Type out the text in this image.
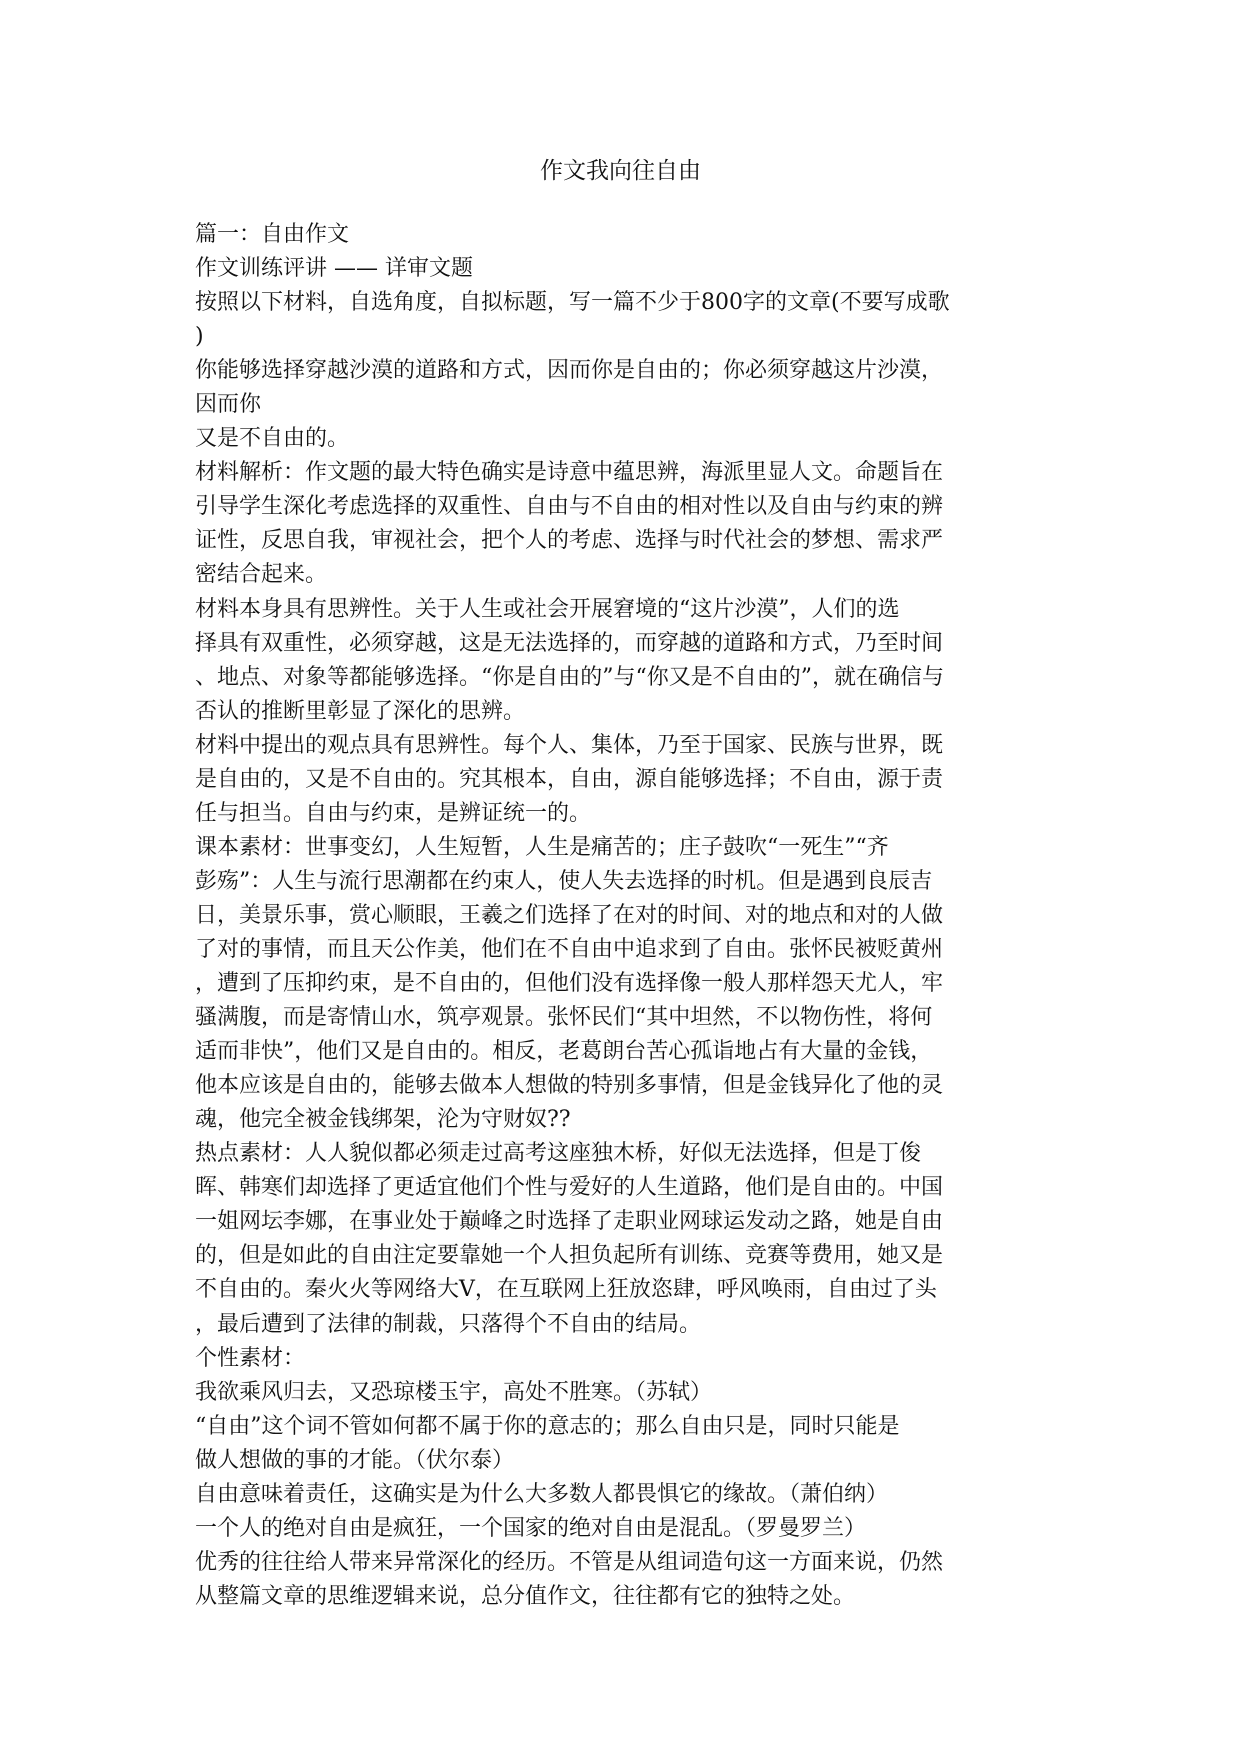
作文我向往自由
篇一：自由作文
作文训练评讲 —— 详审文题
按照以下材料，自选角度，自拟标题，写一篇不少于800字的文章(不要写成歌
)
你能够选择穿越沙漠的道路和方式，因而你是自由的；你必须穿越这片沙漠，
因而你
又是不自由的。
材料解析：作文题的最大特色确实是诗意中蕴思辨，海派里显人文。命题旨在
引导学生深化考虑选择的双重性、自由与不自由的相对性以及自由与约束的辨
证性，反思自我，审视社会，把个人的考虑、选择与时代社会的梦想、需求严
密结合起来。
材料本身具有思辨性。关于人生或社会开展窘境的“这片沙漠”，人们的选
择具有双重性，必须穿越，这是无法选择的，而穿越的道路和方式，乃至时间
、地点、对象等都能够选择。“你是自由的”与“你又是不自由的”，就在确信与
否认的推断里彰显了深化的思辨。
材料中提出的观点具有思辨性。每个人、集体，乃至于国家、民族与世界，既
是自由的，又是不自由的。究其根本，自由，源自能够选择；不自由，源于责
任与担当。自由与约束，是辨证统一的。
课本素材：世事变幻，人生短暂，人生是痛苦的；庄子鼓吹“一死生”“齐
彭殇”：人生与流行思潮都在约束人，使人失去选择的时机。但是遇到良辰吉
日，美景乐事，赏心顺眼，王羲之们选择了在对的时间、对的地点和对的人做
了对的事情，而且天公作美，他们在不自由中追求到了自由。张怀民被贬黄州
，遭到了压抑约束，是不自由的，但他们没有选择像一般人那样怨天尤人，牢
骚满腹，而是寄情山水，筑亭观景。张怀民们“其中坦然，不以物伤性，将何
适而非快”，他们又是自由的。相反，老葛朗台苦心孤诣地占有大量的金钱，
他本应该是自由的，能够去做本人想做的特别多事情，但是金钱异化了他的灵
魂，他完全被金钱绑架，沦为守财奴??
热点素材：人人貌似都必须走过高考这座独木桥，好似无法选择，但是丁俊
晖、韩寒们却选择了更适宜他们个性与爱好的人生道路，他们是自由的。中国
一姐网坛李娜，在事业处于巅峰之时选择了走职业网球运发动之路，她是自由
的，但是如此的自由注定要靠她一个人担负起所有训练、竞赛等费用，她又是
不自由的。秦火火等网络大V，在互联网上狂放恣肆，呼风唤雨，自由过了头
，最后遭到了法律的制裁，只落得个不自由的结局。
个性素材：
我欲乘风归去，又恐琼楼玉宇，高处不胜寒。（苏轼）
“自由”这个词不管如何都不属于你的意志的；那么自由只是，同时只能是
做人想做的事的才能。（伏尔泰）
自由意味着责任，这确实是为什么大多数人都畏惧它的缘故。（萧伯纳）
一个人的绝对自由是疯狂，一个国家的绝对自由是混乱。（罗曼罗兰）
优秀的往往给人带来异常深化的经历。不管是从组词造句这一方面来说，仍然
从整篇文章的思维逻辑来说，总分值作文，往往都有它的独特之处。
